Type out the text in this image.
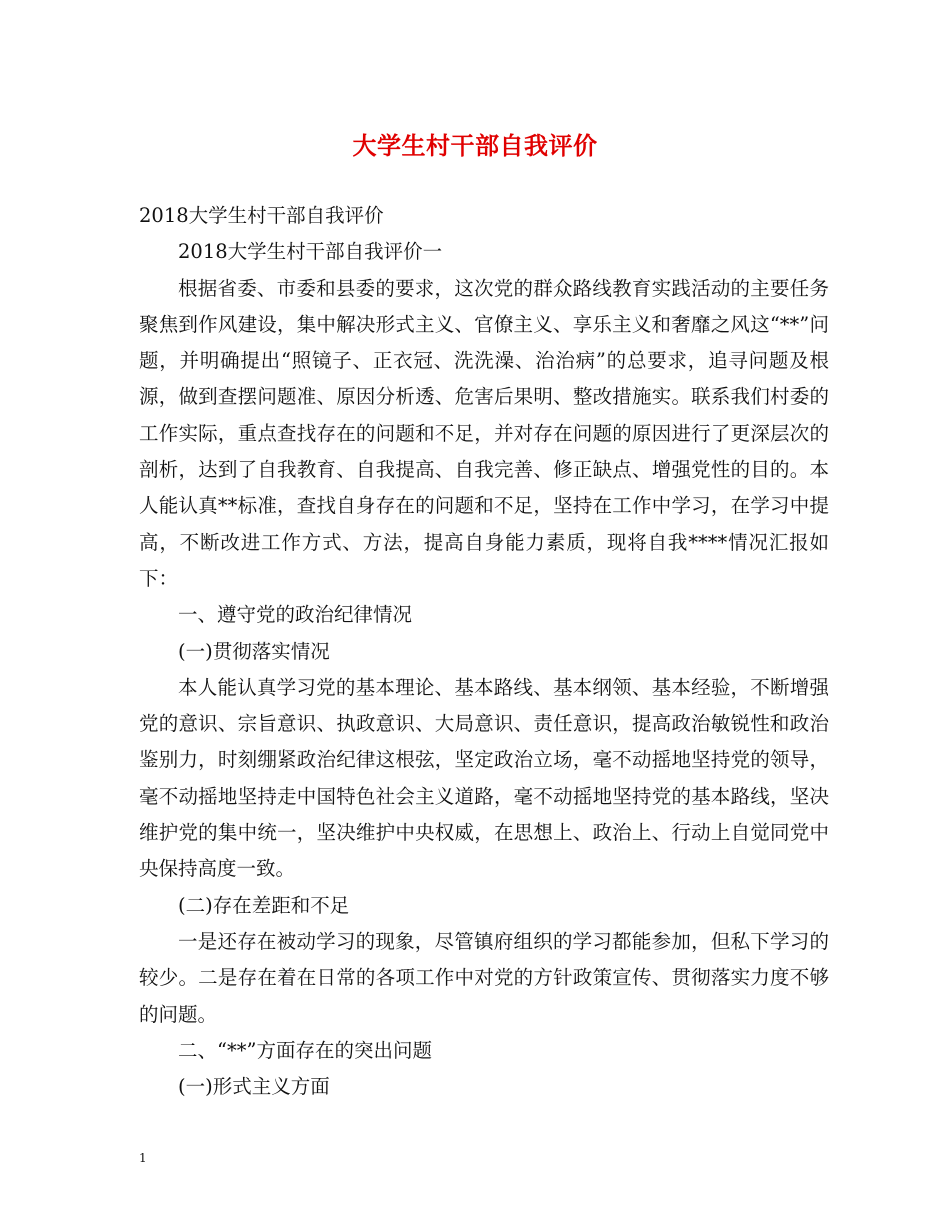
大学生村干部自我评价

2018大学生村干部自我评价

2018大学生村干部自我评价一

根据省委、市委和县委的要求，这次党的群众路线教育实践活动的主要任务聚焦到作风建设，集中解决形式主义、官僚主义、享乐主义和奢靡之风这“**”问题，并明确提出“照镜子、正衣冠、洗洗澡、治治病”的总要求，追寻问题及根源，做到查摆问题准、原因分析透、危害后果明、整改措施实。联系我们村委的工作实际，重点查找存在的问题和不足，并对存在问题的原因进行了更深层次的剖析，达到了自我教育、自我提高、自我完善、修正缺点、增强党性的目的。本人能认真**标准，查找自身存在的问题和不足，坚持在工作中学习，在学习中提高，不断改进工作方式、方法，提高自身能力素质，现将自我****情况汇报如下：

一、遵守党的政治纪律情况

(一)贯彻落实情况

本人能认真学习党的基本理论、基本路线、基本纲领、基本经验，不断增强党的意识、宗旨意识、执政意识、大局意识、责任意识，提高政治敏锐性和政治鉴别力，时刻绷紧政治纪律这根弦，坚定政治立场，毫不动摇地坚持党的领导，毫不动摇地坚持走中国特色社会主义道路，毫不动摇地坚持党的基本路线，坚决维护党的集中统一，坚决维护中央权威，在思想上、政治上、行动上自觉同党中央保持高度一致。

(二)存在差距和不足

一是还存在被动学习的现象，尽管镇府组织的学习都能参加，但私下学习的较少。二是存在着在日常的各项工作中对党的方针政策宣传、贯彻落实力度不够的问题。

二、“**”方面存在的突出问题

(一)形式主义方面

1
